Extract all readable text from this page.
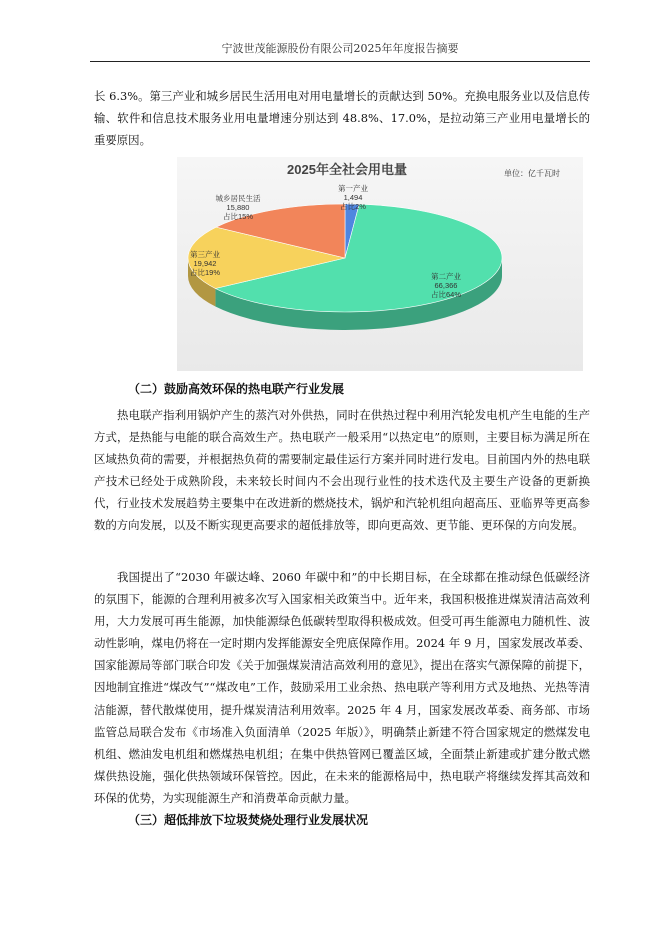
宁波世茂能源股份有限公司2025年年度报告摘要

长 6.3%。第三产业和城乡居民生活用电对用电量增长的贡献达到 50%。充换电服务业以及信息传输、软件和信息技术服务业用电量增速分别达到 48.8%、17.0%，是拉动第三产业用电量增长的重要原因。

2025年全社会用电量	单位：亿千瓦时
第一产业
1,494
占比2%
第二产业
66,366
占比64%
第三产业
19,942
占比19%
城乡居民生活
15,880
占比15%

（二）鼓励高效环保的热电联产行业发展

热电联产指利用锅炉产生的蒸汽对外供热，同时在供热过程中利用汽轮发电机产生电能的生产方式，是热能与电能的联合高效生产。热电联产一般采用“以热定电”的原则，主要目标为满足所在区域热负荷的需要，并根据热负荷的需要制定最佳运行方案并同时进行发电。目前国内外的热电联产技术已经处于成熟阶段，未来较长时间内不会出现行业性的技术迭代及主要生产设备的更新换代，行业技术发展趋势主要集中在改进新的燃烧技术，锅炉和汽轮机组向超高压、亚临界等更高参数的方向发展，以及不断实现更高要求的超低排放等，即向更高效、更节能、更环保的方向发展。

我国提出了“2030 年碳达峰、2060 年碳中和”的中长期目标，在全球都在推动绿色低碳经济的氛围下，能源的合理利用被多次写入国家相关政策当中。近年来，我国积极推进煤炭清洁高效利用，大力发展可再生能源，加快能源绿色低碳转型取得积极成效。但受可再生能源电力随机性、波动性影响，煤电仍将在一定时期内发挥能源安全兜底保障作用。2024 年 9 月，国家发展改革委、国家能源局等部门联合印发《关于加强煤炭清洁高效利用的意见》，提出在落实气源保障的前提下，因地制宜推进“煤改气”“煤改电”工作，鼓励采用工业余热、热电联产等利用方式及地热、光热等清洁能源，替代散煤使用，提升煤炭清洁利用效率。2025 年 4 月，国家发展改革委、商务部、市场监管总局联合发布《市场准入负面清单（2025 年版）》，明确禁止新建不符合国家规定的燃煤发电机组、燃油发电机组和燃煤热电机组；在集中供热管网已覆盖区域，全面禁止新建或扩建分散式燃煤供热设施，强化供热领域环保管控。因此，在未来的能源格局中，热电联产将继续发挥其高效和环保的优势，为实现能源生产和消费革命贡献力量。

（三）超低排放下垃圾焚烧处理行业发展状况
